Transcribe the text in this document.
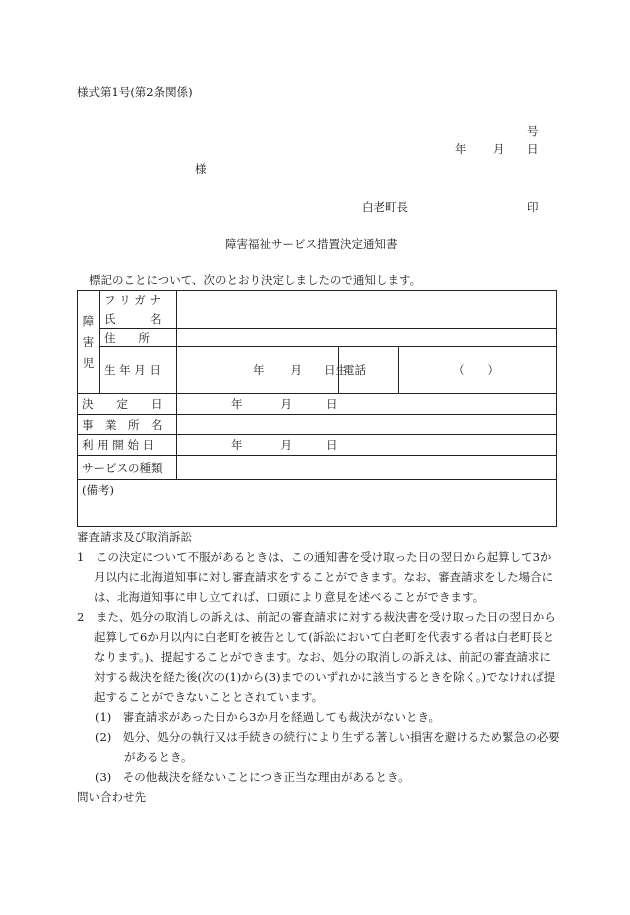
様式第1号(第2条関係)
号
年 月 日
様
白老町長	印
障害福祉サービス措置決定通知書
標記のことについて、次のとおり決定しましたので通知します。
障
害
児	フ リ ガ ナ			
	氏　　　名			
	住　　所			
	生 年 月 日	年 月 日生	電話	（　　）
決　　定　　日		年 月 日		
事　業　所　名				
利 用 開 始 日		年 月 日		
サービスの種類				
(備考)				

審査請求及び取消訴訟

1　この決定について不服があるときは、この通知書を受け取った日の翌日から起算して3か月以内に北海道知事に対し審査請求をすることができます。なお、審査請求をした場合には、北海道知事に申し立てれば、口頭により意見を述べることができます。

2　また、処分の取消しの訴えは、前記の審査請求に対する裁決書を受け取った日の翌日から起算して6か月以内に白老町を被告として(訴訟において白老町を代表する者は白老町長となります。)、提起することができます。なお、処分の取消しの訴えは、前記の審査請求に対する裁決を経た後(次の(1)から(3)までのいずれかに該当するときを除く。)でなければ提起することができないこととされています。

(1)　審査請求があった日から3か月を経過しても裁決がないとき。

(2)　処分、処分の執行又は手続きの続行により生ずる著しい損害を避けるため緊急の必要があるとき。

(3)　その他裁決を経ないことにつき正当な理由があるとき。

問い合わせ先
